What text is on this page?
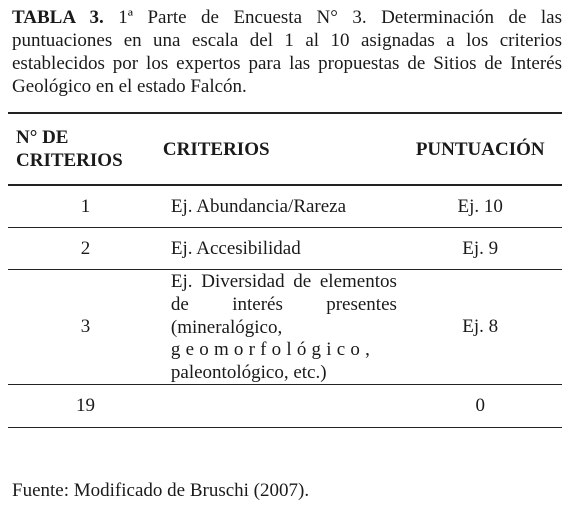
TABLA 3. 1ª Parte de Encuesta N° 3. Determinación de las puntuaciones en una escala del 1 al 10 asignadas a los criterios establecidos por los expertos para las propuestas de Sitios de Interés Geológico en el estado Falcón.
N° DE CRITERIOS	CRITERIOS	PUNTUACIÓN
1	Ej. Abundancia/Rareza	Ej. 10
2	Ej. Accesibilidad	Ej. 9
3	Ej. Diversidad de elementos de interés presentes (mineralógico,
geomorfológico,
paleontológico, etc.)	Ej. 8
19		0
Fuente: Modificado de Bruschi (2007).
